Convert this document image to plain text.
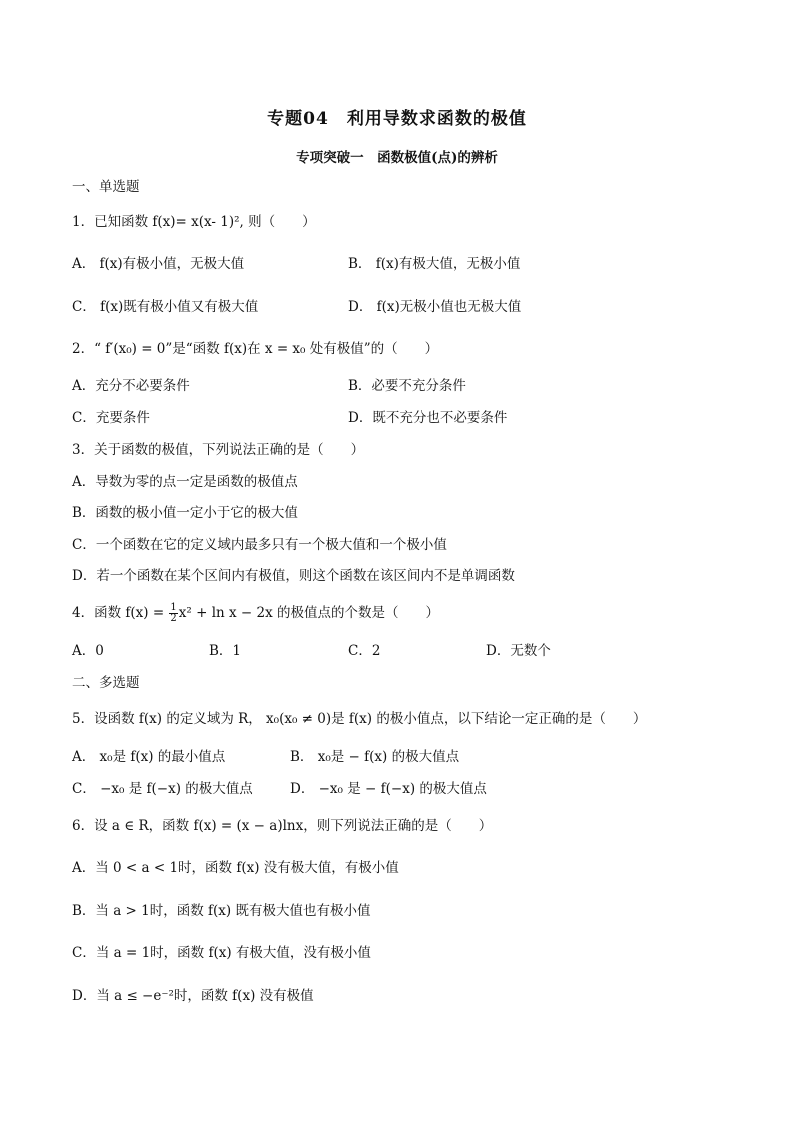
专题04　利用导数求函数的极值
专项突破一　函数极值(点)的辨析
一、单选题
1．已知函数 f(x)= x(x- 1)², 则（　　）
A． f(x)有极小值，无极大值	B． f(x)有极大值，无极小值
C． f(x)既有极小值又有极大值	D． f(x)无极小值也无极大值
2．“ f′(x₀) = 0”是“函数 f(x)在 x = x₀ 处有极值”的（　　）
A．充分不必要条件	B．必要不充分条件
C．充要条件	D．既不充分也不必要条件
3．关于函数的极值，下列说法正确的是（　　）
A．导数为零的点一定是函数的极值点
B．函数的极小值一定小于它的极大值
C．一个函数在它的定义域内最多只有一个极大值和一个极小值
D．若一个函数在某个区间内有极值，则这个函数在该区间内不是单调函数
4．函数 $f(x) = \frac{1}{2} x^2 + \ln x - 2x$ 的极值点的个数是（　　）
A．0	B．1	C．2	D．无数个
二、多选题
5．设函数 f(x) 的定义域为 R， x₀(x₀ ≠ 0)是 f(x) 的极小值点，以下结论一定正确的是（　　）
A． x₀是 f(x) 的最小值点	B． x₀是 − f(x) 的极大值点
C． −x₀ 是 f(−x) 的极大值点	D． −x₀ 是 − f(−x) 的极大值点
6．设 a ∈ R，函数 f(x) = (x − a)lnx，则下列说法正确的是（　　）
A．当 0 < a < 1时，函数 f(x) 没有极大值，有极小值
B．当 a > 1时，函数 f(x) 既有极大值也有极小值
C．当 a = 1时，函数 f(x) 有极大值，没有极小值
D．当 a ≤ −e⁻²时，函数 f(x) 没有极值
